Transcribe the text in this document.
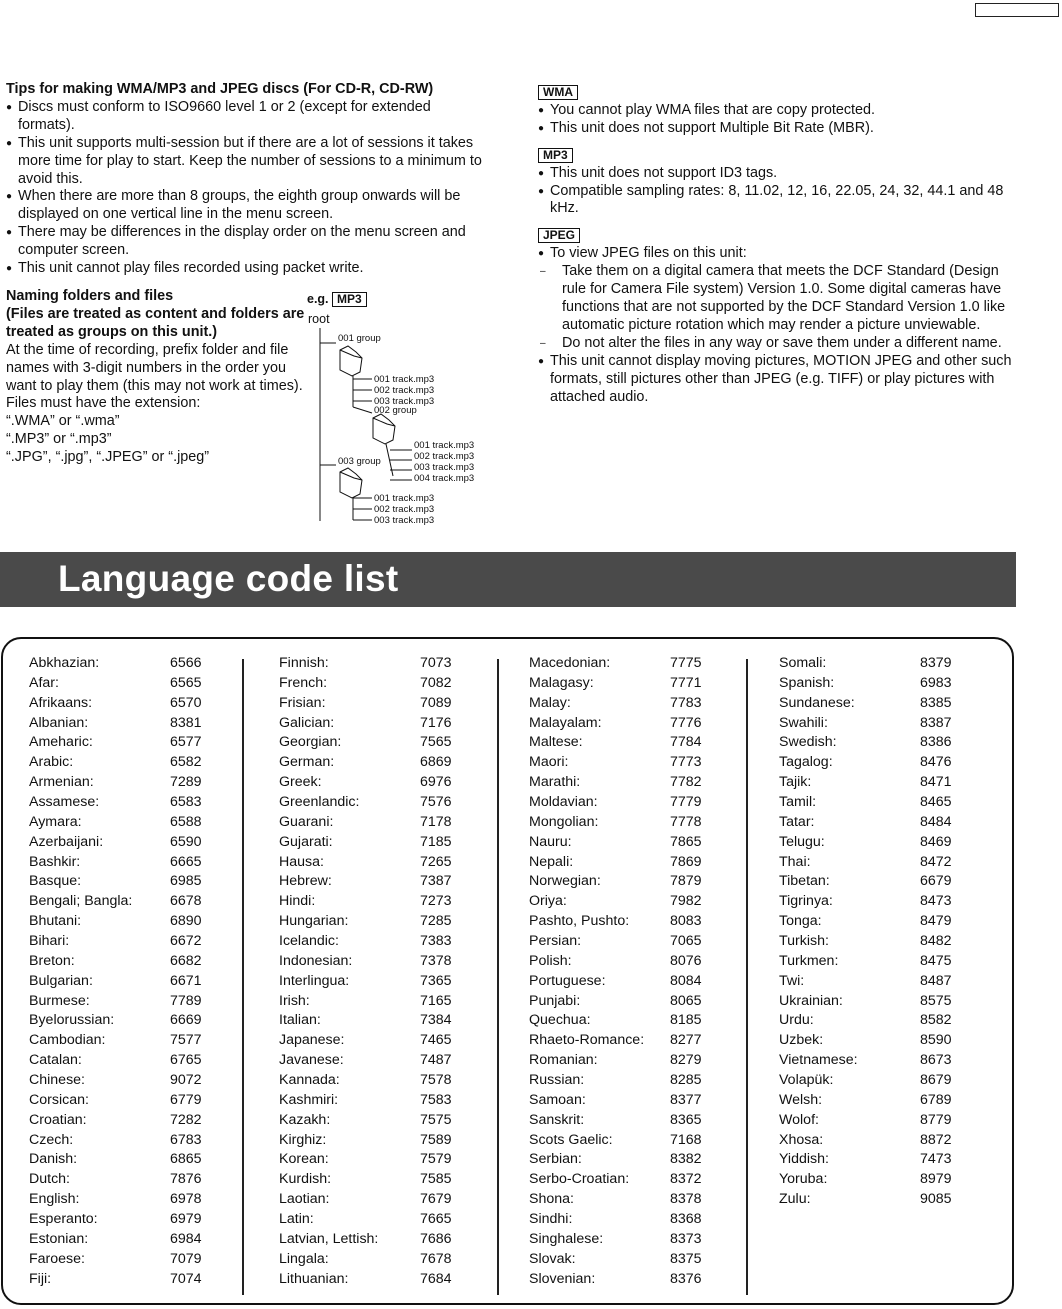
Tips for making WMA/MP3 and JPEG discs (For CD-R, CD-RW)
● Discs must conform to ISO9660 level 1 or 2 (except for extended formats).
● This unit supports multi-session but if there are a lot of sessions it takes more time for play to start. Keep the number of sessions to a minimum to avoid this.
● When there are more than 8 groups, the eighth group onwards will be displayed on one vertical line in the menu screen.
● There may be differences in the display order on the menu screen and computer screen.
● This unit cannot play files recorded using packet write.

Naming folders and files

(Files are treated as content and folders are treated as groups on this unit.)

At the time of recording, prefix folder and file names with 3-digit numbers in the order you want to play them (this may not work at times).

Files must have the extension:

“.WMA” or “.wma”

“.MP3” or “.mp3”

“.JPG”, “.jpg”, “.JPEG” or “.jpeg”

e.g. MP3
root
001 group
001 track.mp3
002 track.mp3
003 track.mp3
002 group
001 track.mp3
002 track.mp3
003 track.mp3
004 track.mp3
003 group
001 track.mp3
002 track.mp3
003 track.mp3
WMA
● You cannot play WMA files that are copy protected.
● This unit does not support Multiple Bit Rate (MBR).
MP3
● This unit does not support ID3 tags.
● Compatible sampling rates: 8, 11.02, 12, 16, 22.05, 24, 32, 44.1 and 48 kHz.
JPEG
● To view JPEG files on this unit:
– Take them on a digital camera that meets the DCF Standard (Design rule for Camera File system) Version 1.0. Some digital cameras have functions that are not supported by the DCF Standard Version 1.0 like automatic picture rotation which may render a picture unviewable.
– Do not alter the files in any way or save them under a different name.
● This unit cannot display moving pictures, MOTION JPEG and other such formats, still pictures other than JPEG (e.g. TIFF) or play pictures with attached audio.
Language code list
Abkhazian:	6566
Afar:	6565
Afrikaans:	6570
Albanian:	8381
Ameharic:	6577
Arabic:	6582
Armenian:	7289
Assamese:	6583
Aymara:	6588
Azerbaijani:	6590
Bashkir:	6665
Basque:	6985
Bengali; Bangla:	6678
Bhutani:	6890
Bihari:	6672
Breton:	6682
Bulgarian:	6671
Burmese:	7789
Byelorussian:	6669
Cambodian:	7577
Catalan:	6765
Chinese:	9072
Corsican:	6779
Croatian:	7282
Czech:	6783
Danish:	6865
Dutch:	7876
English:	6978
Esperanto:	6979
Estonian:	6984
Faroese:	7079
Fiji:	7074
Finnish:	7073
French:	7082
Frisian:	7089
Galician:	7176
Georgian:	7565
German:	6869
Greek:	6976
Greenlandic:	7576
Guarani:	7178
Gujarati:	7185
Hausa:	7265
Hebrew:	7387
Hindi:	7273
Hungarian:	7285
Icelandic:	7383
Indonesian:	7378
Interlingua:	7365
Irish:	7165
Italian:	7384
Japanese:	7465
Javanese:	7487
Kannada:	7578
Kashmiri:	7583
Kazakh:	7575
Kirghiz:	7589
Korean:	7579
Kurdish:	7585
Laotian:	7679
Latin:	7665
Latvian, Lettish:	7686
Lingala:	7678
Lithuanian:	7684
Macedonian:	7775
Malagasy:	7771
Malay:	7783
Malayalam:	7776
Maltese:	7784
Maori:	7773
Marathi:	7782
Moldavian:	7779
Mongolian:	7778
Nauru:	7865
Nepali:	7869
Norwegian:	7879
Oriya:	7982
Pashto, Pushto:	8083
Persian:	7065
Polish:	8076
Portuguese:	8084
Punjabi:	8065
Quechua:	8185
Rhaeto-Romance: 8277
Romanian:	8279
Russian:	8285
Samoan:	8377
Sanskrit:	8365
Scots Gaelic:	7168
Serbian:	8382
Serbo-Croatian:	8372
Shona:	8378
Sindhi:	8368
Singhalese:	8373
Slovak:	8375
Slovenian:	8376
Somali:	8379
Spanish:	6983
Sundanese:	8385
Swahili:	8387
Swedish:	8386
Tagalog:	8476
Tajik:	8471
Tamil:	8465
Tatar:	8484
Telugu:	8469
Thai:	8472
Tibetan:	6679
Tigrinya:	8473
Tonga:	8479
Turkish:	8482
Turkmen:	8475
Twi:	8487
Ukrainian:	8575
Urdu:	8582
Uzbek:	8590
Vietnamese:	8673
Volapük:	8679
Welsh:	6789
Wolof:	8779
Xhosa:	8872
Yiddish:	7473
Yoruba:	8979
Zulu:	9085
